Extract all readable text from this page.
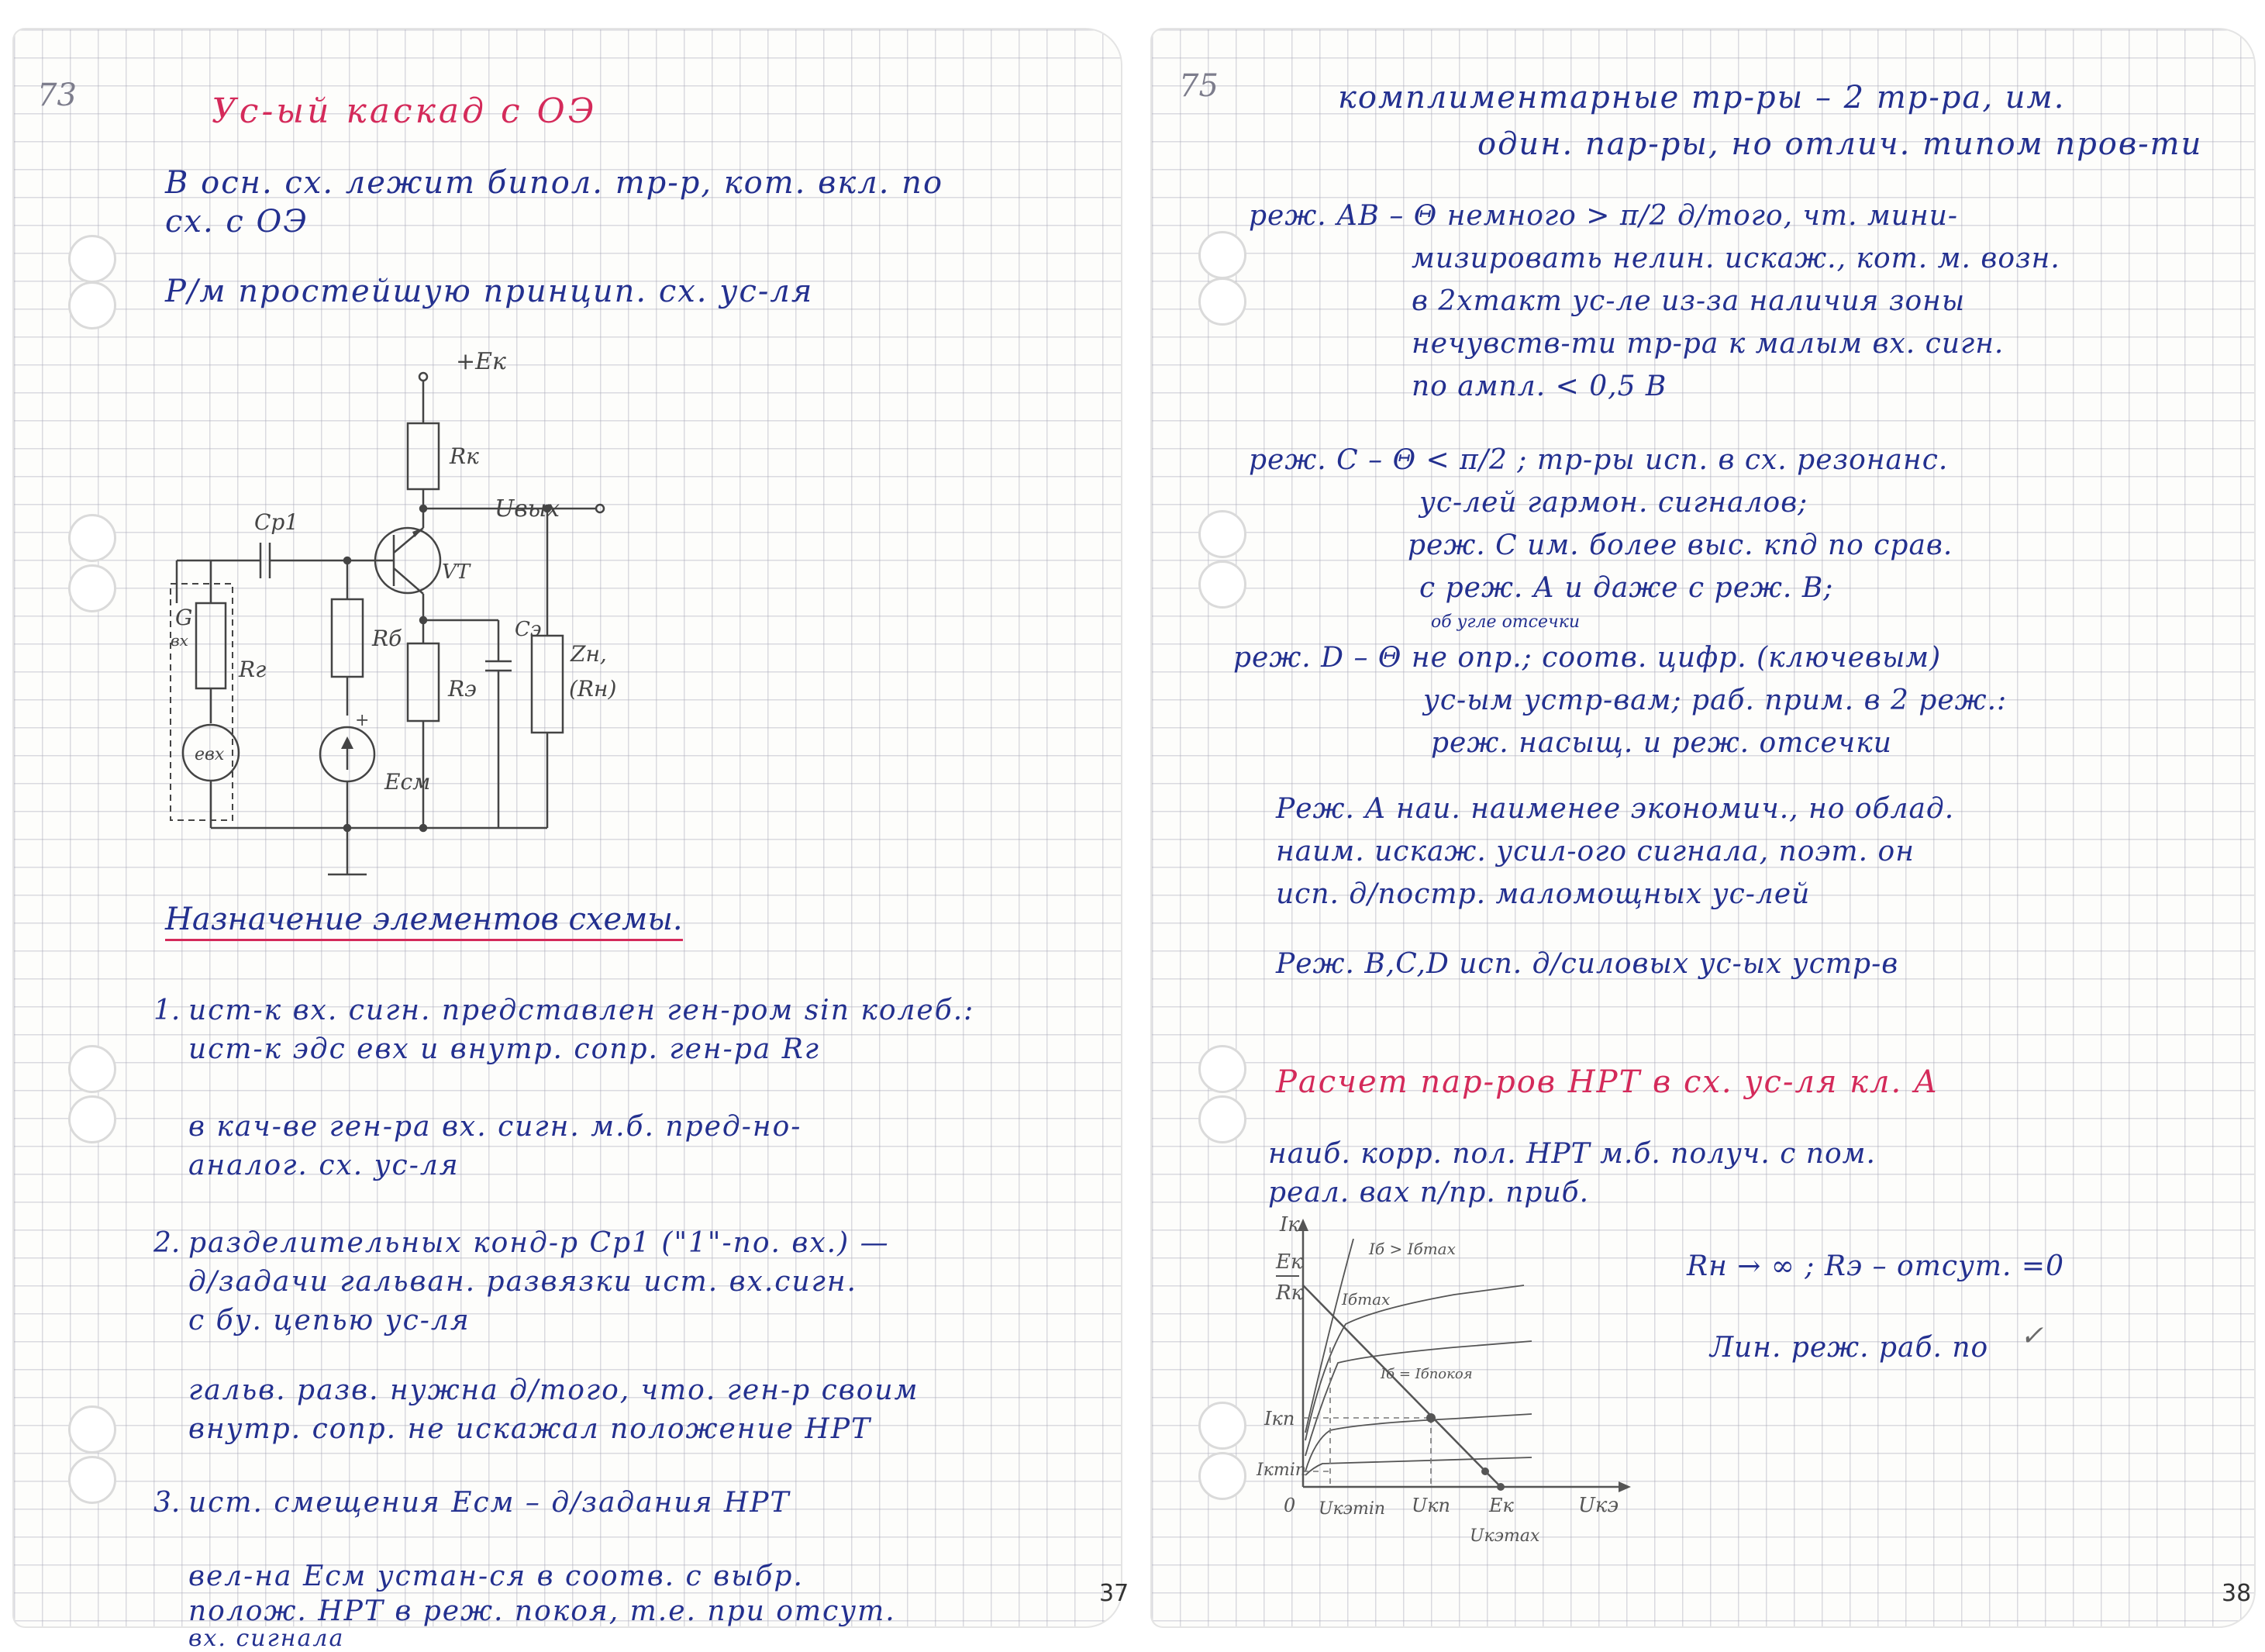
73	Ус-ый каскад с ОЭ
В осн. сх. лежит бипол. тр-р, кот. вкл. по
сх. с ОЭ
Р/м простейшую принцип. сх. ус-ля
+Eк
Rк
Uвых
Cр1
VT
Rб	Cэ
Rэ
Zн,
(Rн)
G
вх
Rг
eвх
Eсм
+
Назначение элементов схемы.
1. ист-к вх. сигн. представлен ген-ром sin колеб.:
ист-к эдс eвх и внутр. сопр. ген-ра Rг
в кач-ве ген-ра вх. сигн. м.б. пред-но-
аналог. сх. ус-ля
2. разделительных конд-р Cр1 ("1"-по. вх.) —
д/задачи гальван. развязки ист. вх.сигн.
с бу. цепью ус-ля
гальв. разв. нужна д/того, что. ген-р своим
внутр. сопр. не искажал положение НРТ
3. ист. смещения Eсм – д/задания НРТ
вел-на Eсм устан-ся в соотв. с выбр.
полож. НРТ в реж. покоя, т.е. при отсут.
вх. сигнала
37
75	комплиментарные тр-ры – 2 тр-ра, им.
один. пар-ры, но отлич. типом пров-ти
реж. АВ – Θ немного > π/2 д/того, чт. мини-
мизировать нелин. искаж., кот. м. возн.
в 2хтакт ус-ле из-за наличия зоны
нечувств-ти тр-ра к малым вх. сигн.
по ампл. < 0,5 В
реж. С – Θ < π/2 ; тр-ры исп. в сх. резонанс.
ус-лей гармон. сигналов;
реж. С им. более выс. кпд по срав.
с реж. А и даже с реж. В;
об угле отсечки
реж. D – Θ не опр.; соотв. цифр. (ключевым)
ус-ым устр-вам; раб. прим. в 2 реж.:
реж. насыщ. и реж. отсечки
Реж. А наи. наименее экономич., но облад.
наим. искаж. усил-ого сигнала, поэт. он
исп. д/постр. маломощных ус-лей
Реж. B,C,D исп. д/силовых ус-ых устр-в
Расчет пар-ров НРТ в сх. ус-ля кл. А
наиб. корр. пол. НРТ м.б. получ. с пом.
реал. вах п/пр. приб.
Iк
Eк
Rк
Iкп
Iкmin
0 Uкэmin Uкп Eк
Uкэmax
Uкэ
Iб > Iбmax
Iбmax
Iб = Iбпокоя
Rн → ∞ ; Rэ – отсут. =0
Лин. реж. раб. по ✓
38
